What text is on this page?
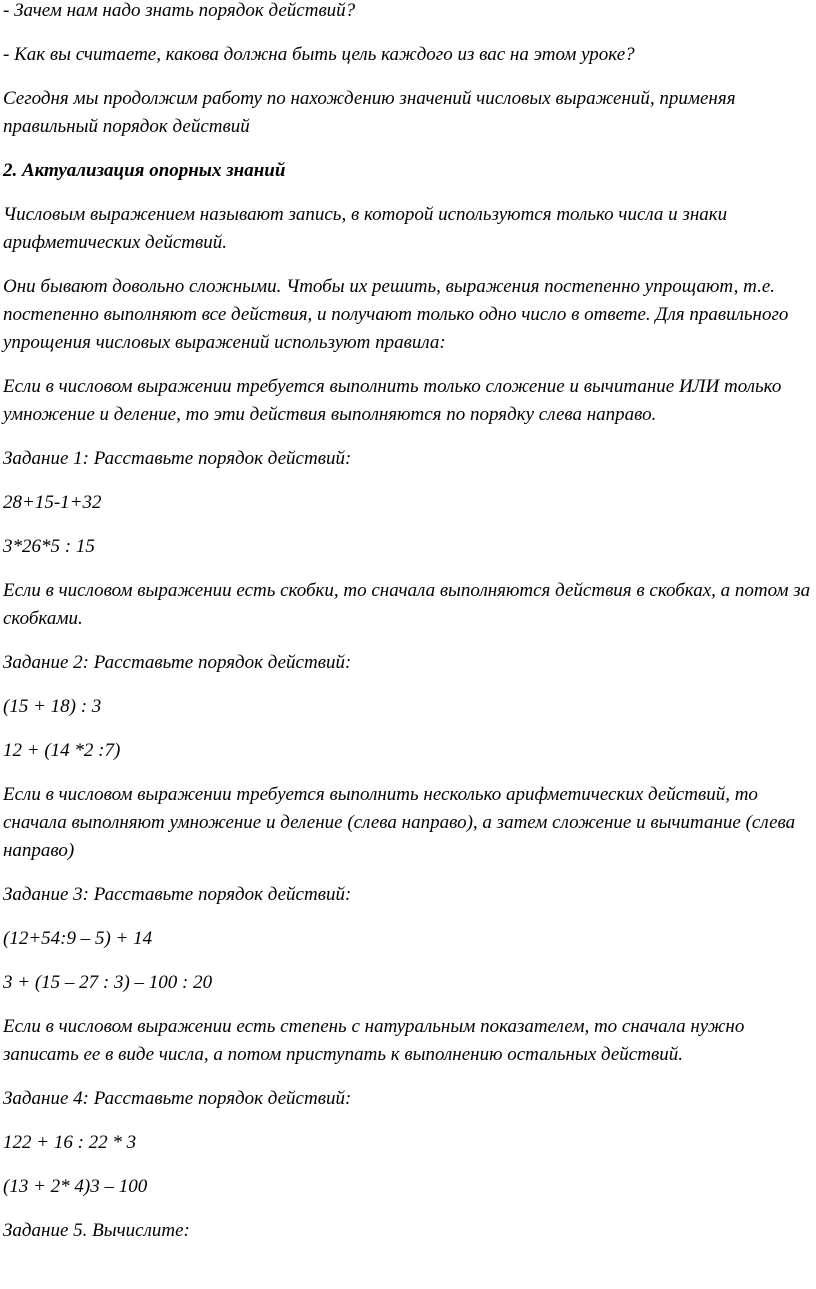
- Зачем нам надо знать порядок действий?

- Как вы считаете, какова должна быть цель каждого из вас на этом уроке?

Сегодня мы продолжим работу по нахождению значений числовых выражений, применяя правильный порядок действий

2. Актуализация опорных знаний

Числовым выражением называют запись, в которой используются только числа и знаки арифметических действий.

Они бывают довольно сложными. Чтобы их решить, выражения постепенно упрощают, т.е. постепенно выполняют все действия, и получают только одно число в ответе. Для правильного упрощения числовых выражений используют правила:

Если в числовом выражении требуется выполнить только сложение и вычитание ИЛИ только умножение и деление, то эти действия выполняются по порядку слева направо.

Задание 1: Расставьте порядок действий:

28+15-1+32

3*26*5 : 15

Если в числовом выражении есть скобки, то сначала выполняются действия в скобках, а потом за скобками.

Задание 2: Расставьте порядок действий:

(15 + 18) : 3

12 + (14 *2 :7)

Если в числовом выражении требуется выполнить несколько арифметических действий, то сначала выполняют умножение и деление (слева направо), а затем сложение и вычитание (слева направо)

Задание 3: Расставьте порядок действий:

(12+54:9 – 5) + 14

3 + (15 – 27 : 3) – 100 : 20

Если в числовом выражении есть степень с натуральным показателем, то сначала нужно записать ее в виде числа, а потом приступать к выполнению остальных действий.

Задание 4: Расставьте порядок действий:

122 + 16 : 22 * 3

(13 + 2* 4)3 – 100

Задание 5. Вычислите:
